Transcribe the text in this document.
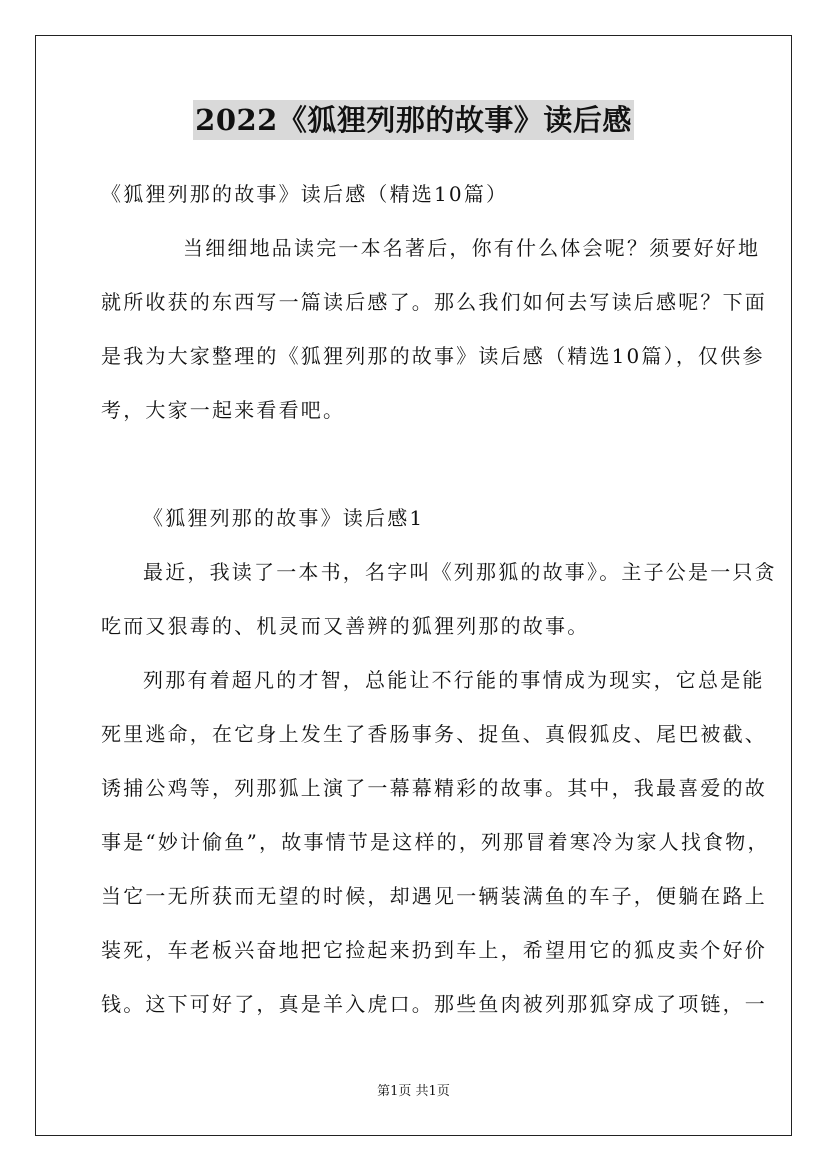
2022《狐狸列那的故事》读后感
《狐狸列那的故事》读后感（精选10篇）
当细细地品读完一本名著后，你有什么体会呢？须要好好地
就所收获的东西写一篇读后感了。那么我们如何去写读后感呢？下面
是我为大家整理的《狐狸列那的故事》读后感（精选10篇），仅供参
考，大家一起来看看吧。
《狐狸列那的故事》读后感1
最近，我读了一本书，名字叫《列那狐的故事》。主子公是一只贪
吃而又狠毒的、机灵而又善辨的狐狸列那的故事。
列那有着超凡的才智，总能让不行能的事情成为现实，它总是能
死里逃命，在它身上发生了香肠事务、捉鱼、真假狐皮、尾巴被截、
诱捕公鸡等，列那狐上演了一幕幕精彩的故事。其中，我最喜爱的故
事是“妙计偷鱼”，故事情节是这样的，列那冒着寒冷为家人找食物，
当它一无所获而无望的时候，却遇见一辆装满鱼的车子，便躺在路上
装死，车老板兴奋地把它捡起来扔到车上，希望用它的狐皮卖个好价
钱。这下可好了，真是羊入虎口。那些鱼肉被列那狐穿成了项链，一
第1页 共1页
